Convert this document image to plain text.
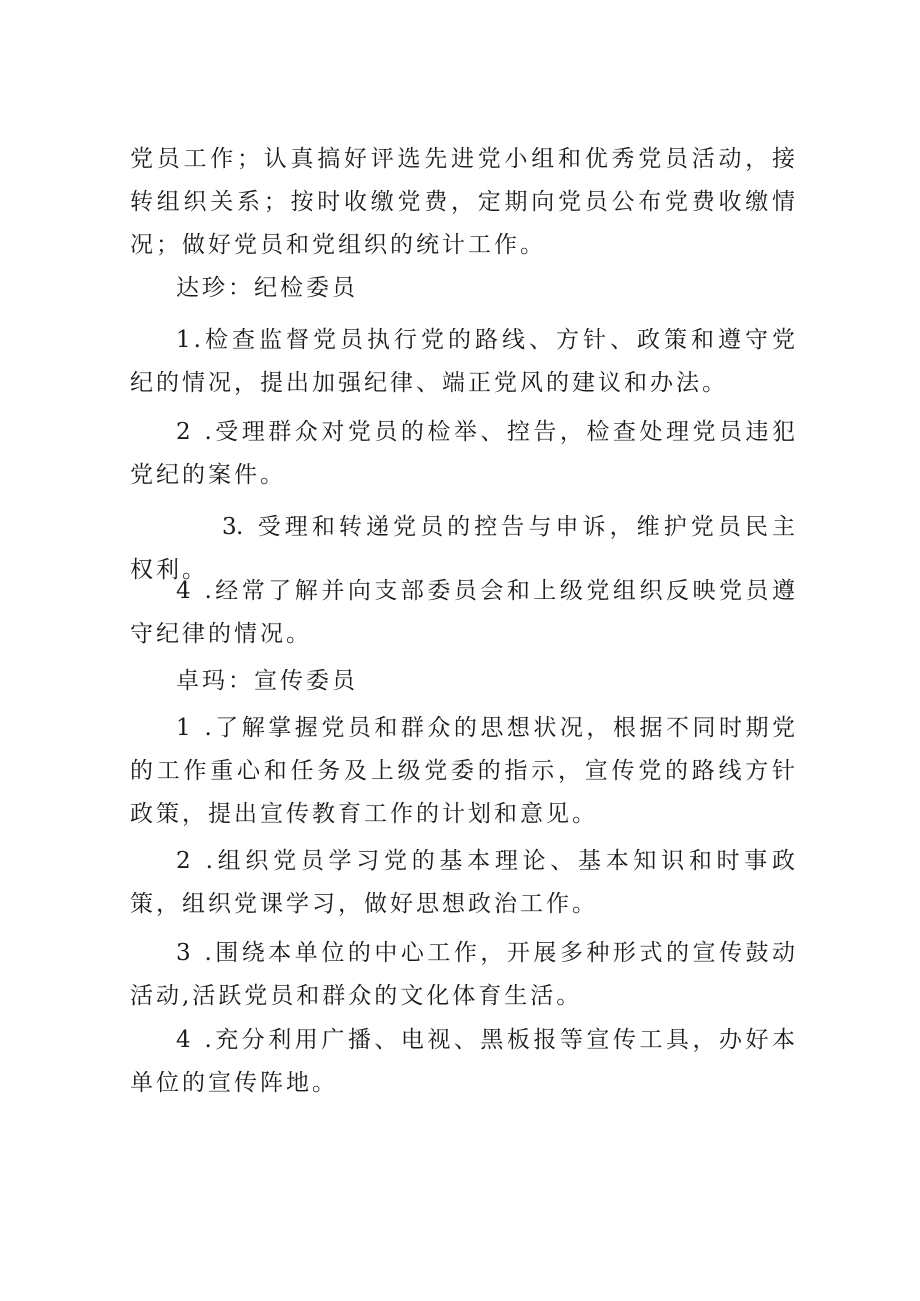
党员工作；认真搞好评选先进党小组和优秀党员活动，接转组织关系；按时收缴党费，定期向党员公布党费收缴情况；做好党员和党组织的统计工作。

达珍：纪检委员

1.检查监督党员执行党的路线、方针、政策和遵守党纪的情况，提出加强纪律、端正党风的建议和办法。

2 .受理群众对党员的检举、控告，检查处理党员违犯党纪的案件。

3. 受理和转递党员的控告与申诉，维护党员民主权利。

4 .经常了解并向支部委员会和上级党组织反映党员遵守纪律的情况。

卓玛：宣传委员

1 .了解掌握党员和群众的思想状况，根据不同时期党的工作重心和任务及上级党委的指示，宣传党的路线方针政策，提出宣传教育工作的计划和意见。

2 .组织党员学习党的基本理论、基本知识和时事政策，组织党课学习，做好思想政治工作。

3 .围绕本单位的中心工作，开展多种形式的宣传鼓动活动,活跃党员和群众的文化体育生活。

4 .充分利用广播、电视、黑板报等宣传工具，办好本单位的宣传阵地。
